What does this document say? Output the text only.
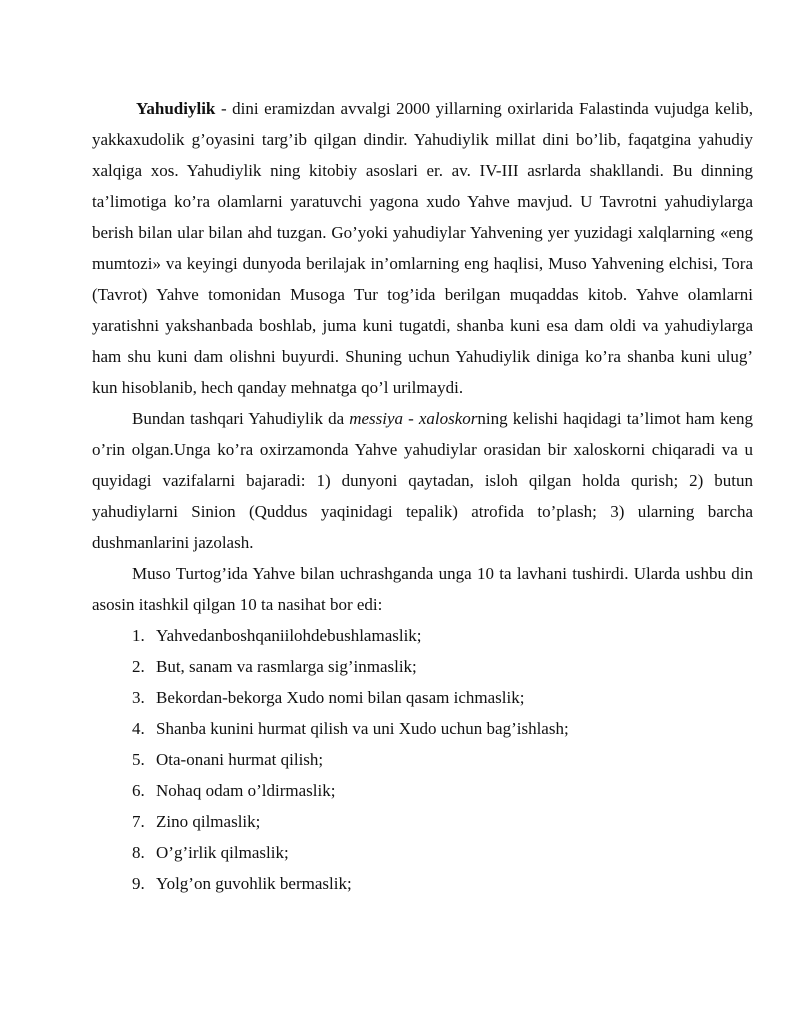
Yahudiylik - dini eramizdan avvalgi 2000 yillarning oxirlarida Falastinda vujudga kelib, yakkaxudolik g’oyasini targ’ib qilgan dindir. Yahudiylik millat dini bo’lib, faqatgina yahudiy xalqiga xos. Yahudiylik ning kitobiy asoslari er. av. IV-III asrlarda shakllandi. Bu dinning ta’limotiga ko’ra olamlarni yaratuvchi yagona xudo Yahve mavjud. U Tavrotni yahudiylarga berish bilan ular bilan ahd tuzgan. Go’yoki yahudiylar Yahvening yer yuzidagi xalqlarning «eng mumtozi» va keyingi dunyoda berilajak in’omlarning eng haqlisi, Muso Yahvening elchisi, Tora (Tavrot) Yahve tomonidan Musoga Tur tog’ida berilgan muqaddas kitob. Yahve olamlarni yaratishni yakshanbada boshlab, juma kuni tugatdi, shanba kuni esa dam oldi va yahudiylarga ham shu kuni dam olishni buyurdi. Shuning uchun Yahudiylik diniga ko’ra shanba kuni ulug’ kun hisoblanib, hech qanday mehnatga qo’l urilmaydi.

Bundan tashqari Yahudiylik da messiya - xaloskorning kelishi haqidagi ta’limot ham keng o’rin olgan.Unga ko’ra oxirzamonda Yahve yahudiylar orasidan bir xaloskorni chiqaradi va u quyidagi vazifalarni bajaradi: 1) dunyoni qaytadan, isloh qilgan holda qurish; 2) butun yahudiylarni Sinion (Quddus yaqinidagi tepalik) atrofida to’plash; 3) ularning barcha dushmanlarini jazolash.

Muso Turtog’ida Yahve bilan uchrashganda unga 10 ta lavhani tushirdi. Ularda ushbu din asosin itashkil qilgan 10 ta nasihat bor edi:

1. Yahvedanboshqaniilohdebushlamaslik;
2. But, sanam va rasmlarga sig’inmaslik;
3. Bekordan-bekorga Xudo nomi bilan qasam ichmaslik;
4. Shanba kunini hurmat qilish va uni Xudo uchun bag’ishlash;
5. Ota-onani hurmat qilish;
6. Nohaq odam o’ldirmaslik;
7. Zino qilmaslik;
8. O’g’irlik qilmaslik;
9. Yolg’on guvohlik bermaslik;
